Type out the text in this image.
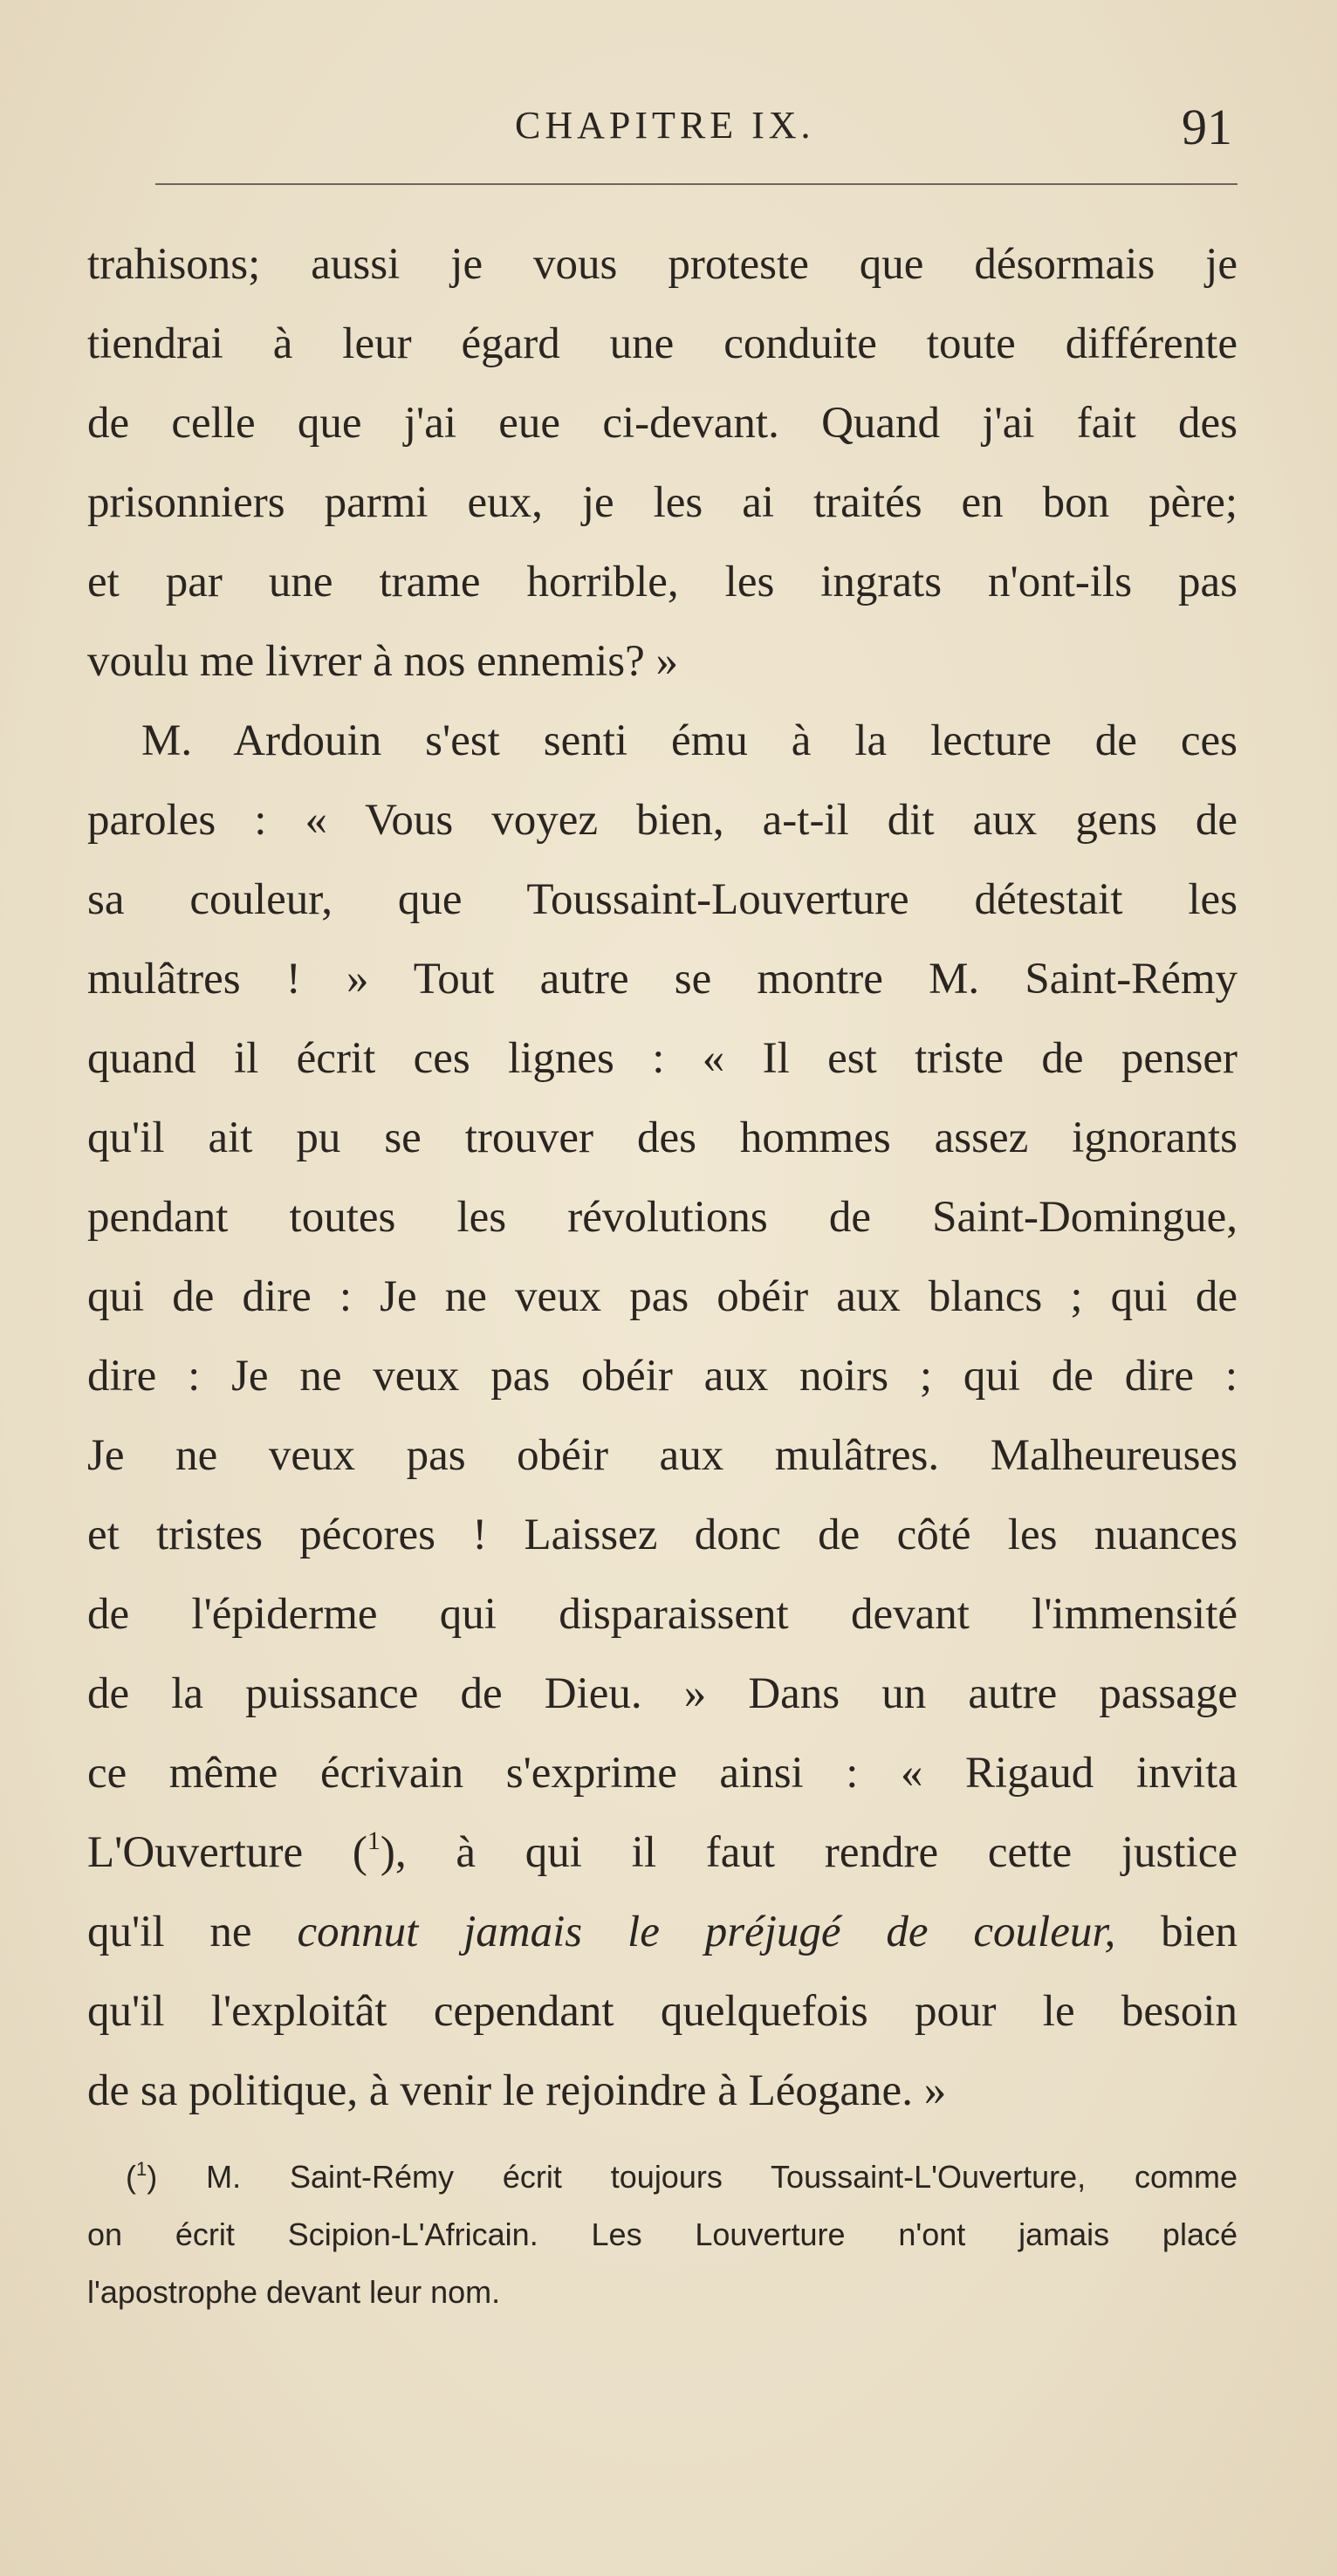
CHAPITRE IX.	91
trahisons; aussi je vous proteste que désormais je
tiendrai à leur égard une conduite toute différente
de celle que j'ai eue ci-devant. Quand j'ai fait des
prisonniers parmi eux, je les ai traités en bon père;
et par une trame horrible, les ingrats n'ont-ils pas
voulu me livrer à nos ennemis? »
M. Ardouin s'est senti ému à la lecture de ces
paroles : « Vous voyez bien, a-t-il dit aux gens de
sa couleur, que Toussaint-Louverture détestait les
mulâtres ! » Tout autre se montre M. Saint-Rémy
quand il écrit ces lignes : « Il est triste de penser
qu'il ait pu se trouver des hommes assez ignorants
pendant toutes les révolutions de Saint-Domingue,
qui de dire : Je ne veux pas obéir aux blancs ; qui de
dire : Je ne veux pas obéir aux noirs ; qui de dire :
Je ne veux pas obéir aux mulâtres. Malheureuses
et tristes pécores ! Laissez donc de côté les nuances
de l'épiderme qui disparaissent devant l'immensité
de la puissance de Dieu. » Dans un autre passage
ce même écrivain s'exprime ainsi : « Rigaud invita
L'Ouverture ($^1$), à qui il faut rendre cette justice
qu'il ne connut jamais le préjugé de couleur, bien
qu'il l'exploitât cependant quelquefois pour le besoin
de sa politique, à venir le rejoindre à Léogane. »
($^1$) M. Saint-Rémy écrit toujours Toussaint-L'Ouverture, comme
on écrit Scipion-L'Africain. Les Louverture n'ont jamais placé
l'apostrophe devant leur nom.
